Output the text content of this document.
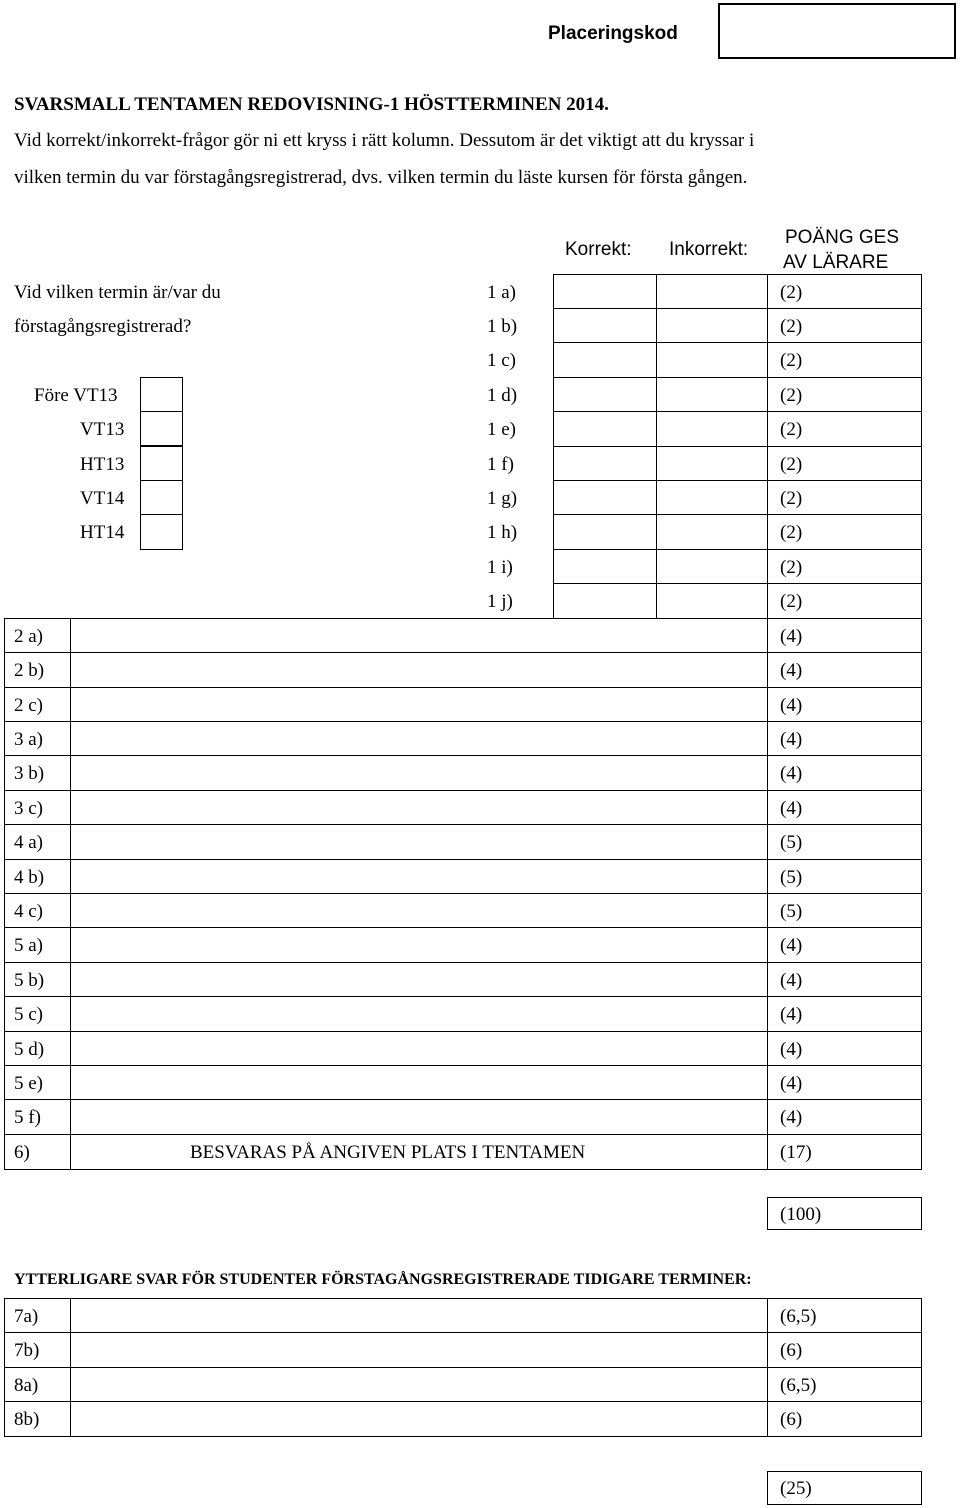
Placeringskod
SVARSMALL TENTAMEN REDOVISNING-1 HÖSTTERMINEN 2014.
Vid korrekt/inkorrekt-frågor gör ni ett kryss i rätt kolumn. Dessutom är det viktigt att du kryssar i
vilken termin du var förstagångsregistrerad, dvs. vilken termin du läste kursen för första gången.
Korrekt: Inkorrekt:
POÄNG GES
AV LÄRARE
Vid vilken termin är/var du
förstagångsregistrerad?
Före VT13
VT13
HT13
VT14
HT14
1 a)	(2)
1 b)	(2)
1 c)	(2)
1 d)	(2)
1 e)	(2)
1 f)	(2)
1 g)	(2)
1 h)	(2)
1 i)	(2)
1 j)	(2)
2 a)	(4)
2 b)	(4)
2 c)	(4)
3 a)	(4)
3 b)	(4)
3 c)	(4)
4 a)	(5)
4 b)	(5)
4 c)	(5)
5 a)	(4)
5 b)	(4)
5 c)	(4)
5 d)	(4)
5 e)	(4)
5 f)	(4)
6)	BESVARAS PÅ ANGIVEN PLATS I TENTAMEN	(17)
(100)
YTTERLIGARE SVAR FÖR STUDENTER FÖRSTAGÅNGSREGISTRERADE TIDIGARE TERMINER:
7a)	(6,5)
7b)	(6)
8a)	(6,5)
8b)	(6)
(25)
